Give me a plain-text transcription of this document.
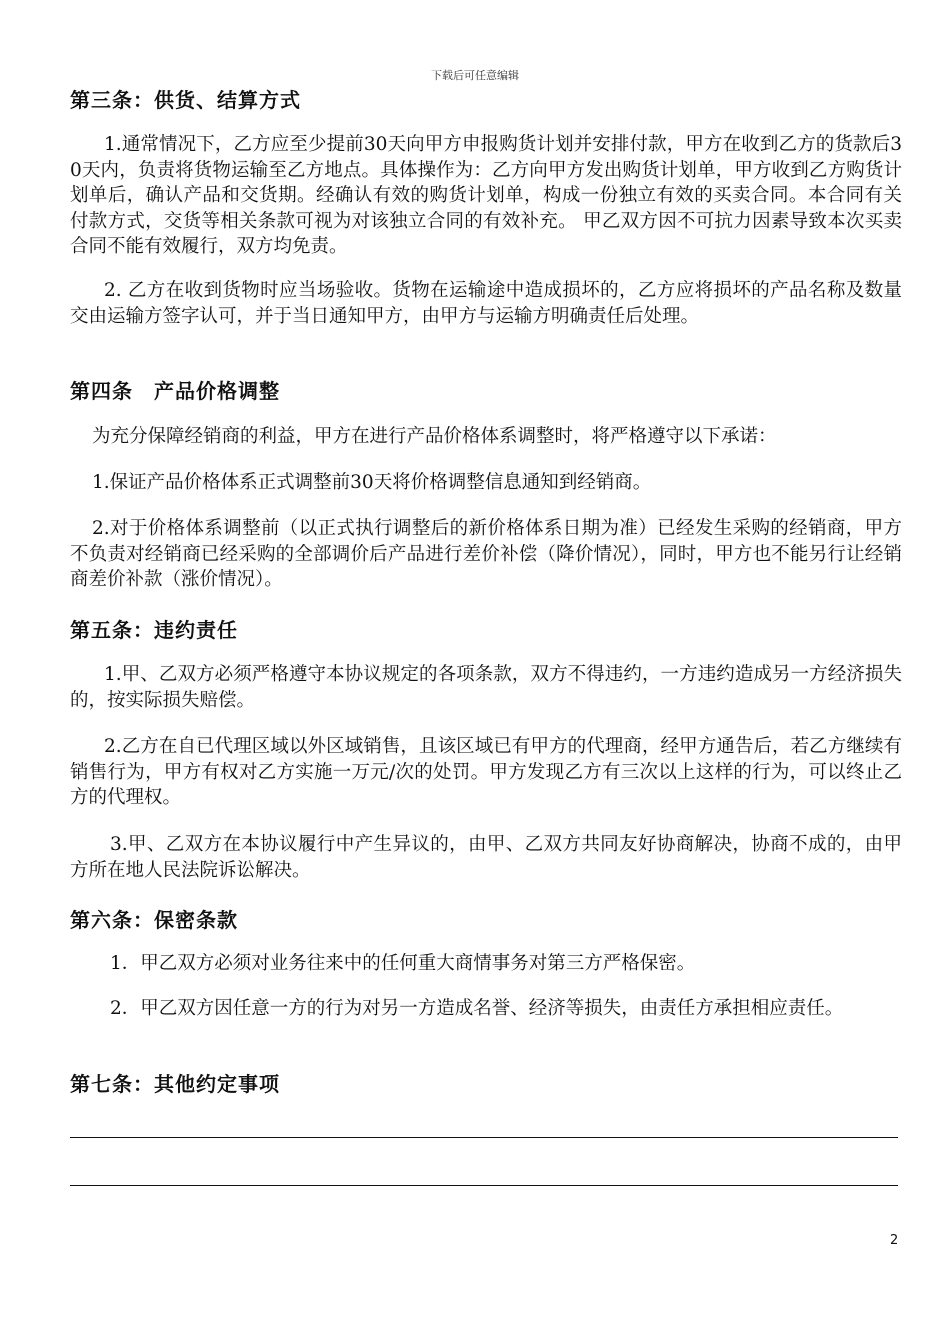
下载后可任意编辑
第三条：供货、结算方式
1.通常情况下，乙方应至少提前30天向甲方申报购货计划并安排付款，甲方在收到乙方的货款后30天内，负责将货物运输至乙方地点。具体操作为：乙方向甲方发出购货计划单，甲方收到乙方购货计划单后，确认产品和交货期。经确认有效的购货计划单，构成一份独立有效的买卖合同。本合同有关付款方式，交货等相关条款可视为对该独立合同的有效补充。 甲乙双方因不可抗力因素导致本次买卖合同不能有效履行，双方均免责。
2. 乙方在收到货物时应当场验收。货物在运输途中造成损坏的，乙方应将损坏的产品名称及数量交由运输方签字认可，并于当日通知甲方，由甲方与运输方明确责任后处理。
第四条　产品价格调整
为充分保障经销商的利益，甲方在进行产品价格体系调整时，将严格遵守以下承诺：
1.保证产品价格体系正式调整前30天将价格调整信息通知到经销商。
2.对于价格体系调整前（以正式执行调整后的新价格体系日期为准）已经发生采购的经销商，甲方不负责对经销商已经采购的全部调价后产品进行差价补偿（降价情况），同时，甲方也不能另行让经销商差价补款（涨价情况）。
第五条：违约责任
1.甲、乙双方必须严格遵守本协议规定的各项条款，双方不得违约，一方违约造成另一方经济损失的，按实际损失赔偿。
2.乙方在自已代理区域以外区域销售，且该区域已有甲方的代理商，经甲方通告后，若乙方继续有销售行为，甲方有权对乙方实施一万元/次的处罚。甲方发现乙方有三次以上这样的行为，可以终止乙方的代理权。
3.甲、乙双方在本协议履行中产生异议的，由甲、乙双方共同友好协商解决，协商不成的，由甲方所在地人民法院诉讼解决。
第六条：保密条款
1．甲乙双方必须对业务往来中的任何重大商情事务对第三方严格保密。
2．甲乙双方因任意一方的行为对另一方造成名誉、经济等损失，由责任方承担相应责任。
第七条：其他约定事项
2
